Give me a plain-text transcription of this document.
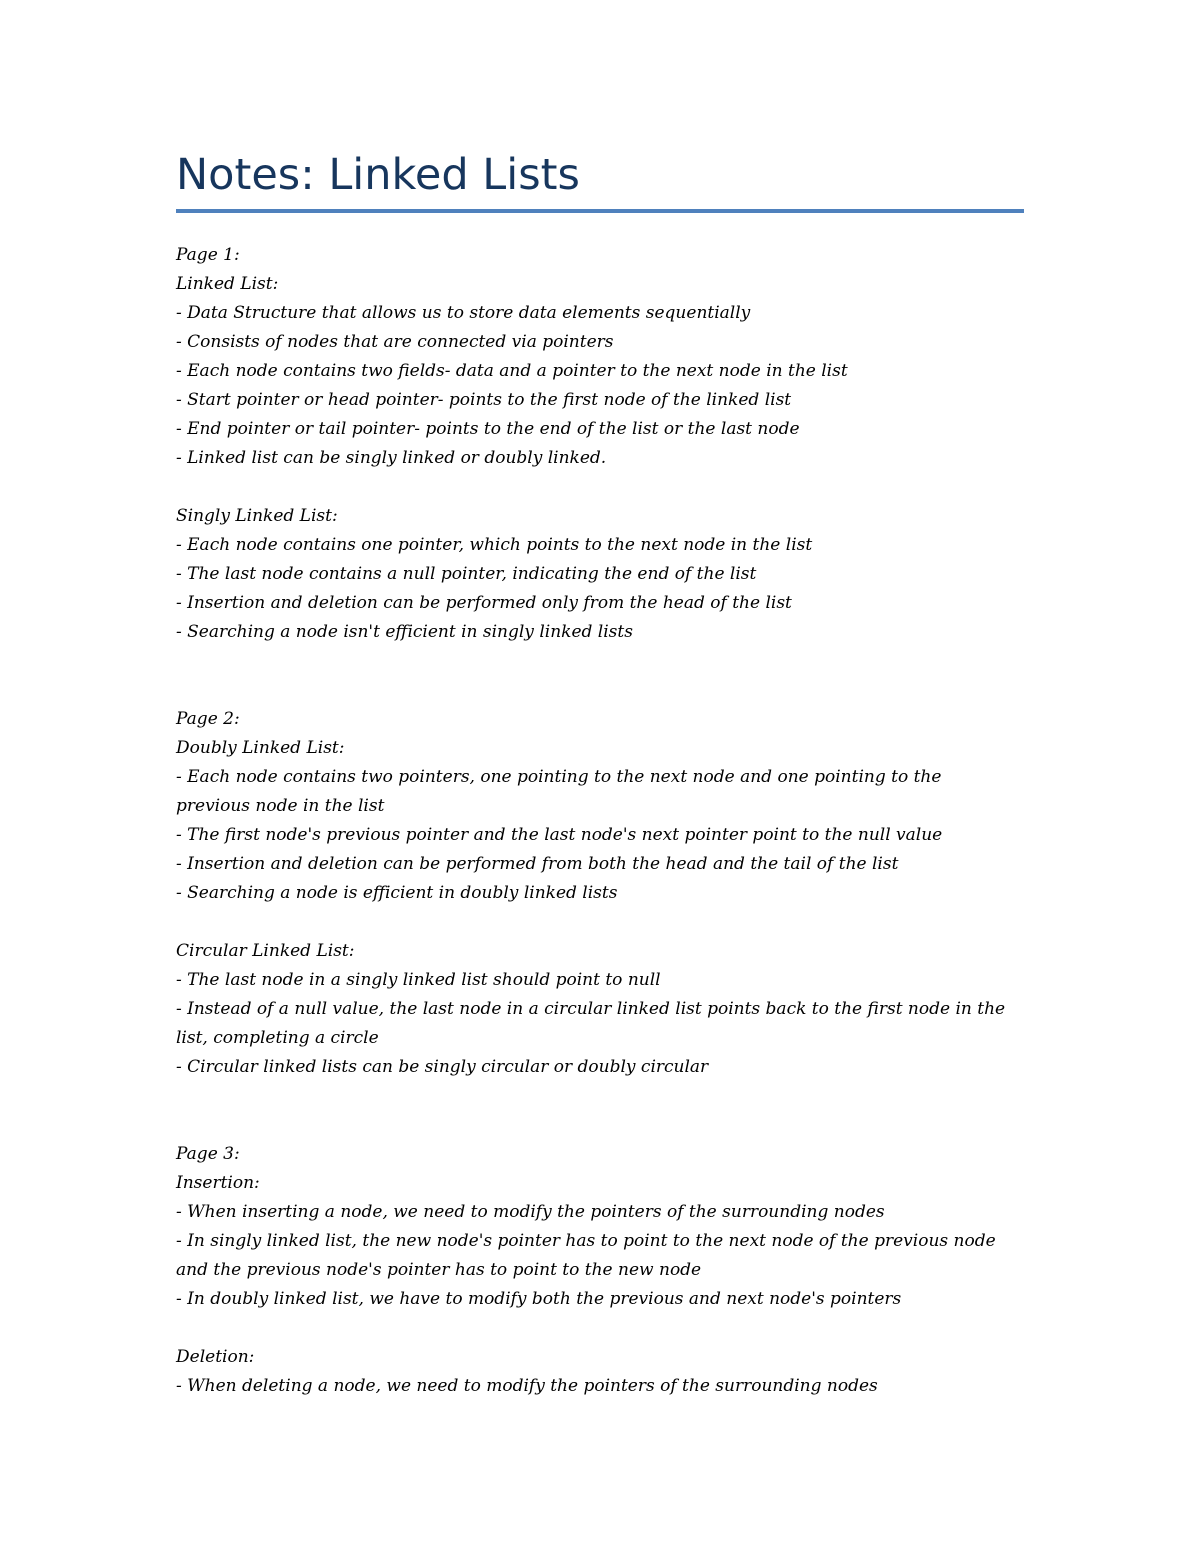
Notes: Linked Lists
Page 1:
Linked List:
- Data Structure that allows us to store data elements sequentially
- Consists of nodes that are connected via pointers
- Each node contains two fields- data and a pointer to the next node in the list
- Start pointer or head pointer- points to the first node of the linked list
- End pointer or tail pointer- points to the end of the list or the last node
- Linked list can be singly linked or doubly linked.
Singly Linked List:
- Each node contains one pointer, which points to the next node in the list
- The last node contains a null pointer, indicating the end of the list
- Insertion and deletion can be performed only from the head of the list
- Searching a node isn't efficient in singly linked lists
Page 2:
Doubly Linked List:
- Each node contains two pointers, one pointing to the next node and one pointing to the
previous node in the list
- The first node's previous pointer and the last node's next pointer point to the null value
- Insertion and deletion can be performed from both the head and the tail of the list
- Searching a node is efficient in doubly linked lists
Circular Linked List:
- The last node in a singly linked list should point to null
- Instead of a null value, the last node in a circular linked list points back to the first node in the
list, completing a circle
- Circular linked lists can be singly circular or doubly circular
Page 3:
Insertion:
- When inserting a node, we need to modify the pointers of the surrounding nodes
- In singly linked list, the new node's pointer has to point to the next node of the previous node
and the previous node's pointer has to point to the new node
- In doubly linked list, we have to modify both the previous and next node's pointers
Deletion:
- When deleting a node, we need to modify the pointers of the surrounding nodes
